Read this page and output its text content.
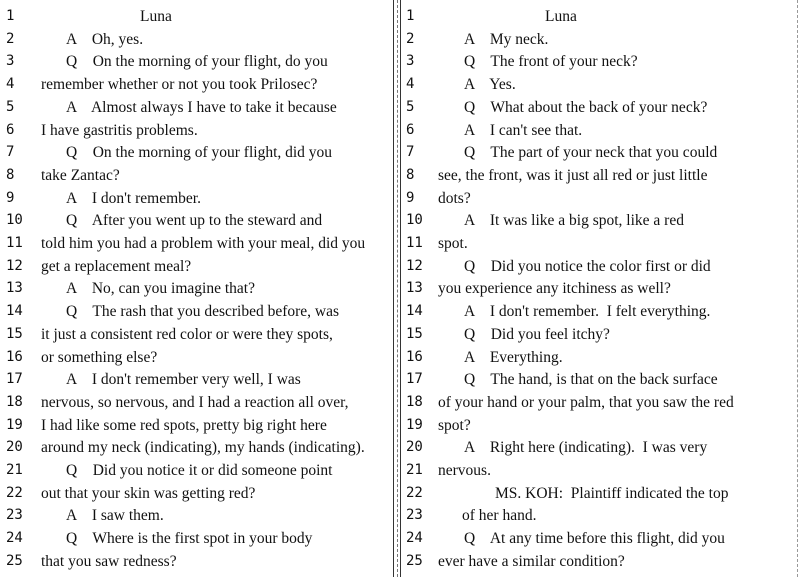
1	Luna
2	A    Oh, yes.
3	Q    On the morning of your flight, do you
4	remember whether or not you took Prilosec?
5	A    Almost always I have to take it because
6	I have gastritis problems.
7	Q    On the morning of your flight, did you
8	take Zantac?
9	A    I don't remember.
10	Q    After you went up to the steward and
11	told him you had a problem with your meal, did you
12	get a replacement meal?
13	A    No, can you imagine that?
14	Q    The rash that you described before, was
15	it just a consistent red color or were they spots,
16	or something else?
17	A    I don't remember very well, I was
18	nervous, so nervous, and I had a reaction all over,
19	I had like some red spots, pretty big right here
20	around my neck (indicating), my hands (indicating).
21	Q    Did you notice it or did someone point
22	out that your skin was getting red?
23	A    I saw them.
24	Q    Where is the first spot in your body
25	that you saw redness?
1	Luna
2	A    My neck.
3	Q    The front of your neck?
4	A    Yes.
5	Q    What about the back of your neck?
6	A    I can't see that.
7	Q    The part of your neck that you could
8	see, the front, was it just all red or just little
9	dots?
10	A    It was like a big spot, like a red
11 spot.
12	Q    Did you notice the color first or did
13 you experience any itchiness as well?
14	A    I don't remember.  I felt everything.
15	Q    Did you feel itchy?
16	A    Everything.
17	Q    The hand, is that on the back surface
18 of your hand or your palm, that you saw the red
19 spot?
20	A    Right here (indicating).  I was very
21 nervous.
22	MS. KOH:  Plaintiff indicated the top
23	of her hand.
24	Q    At any time before this flight, did you
25 ever have a similar condition?
